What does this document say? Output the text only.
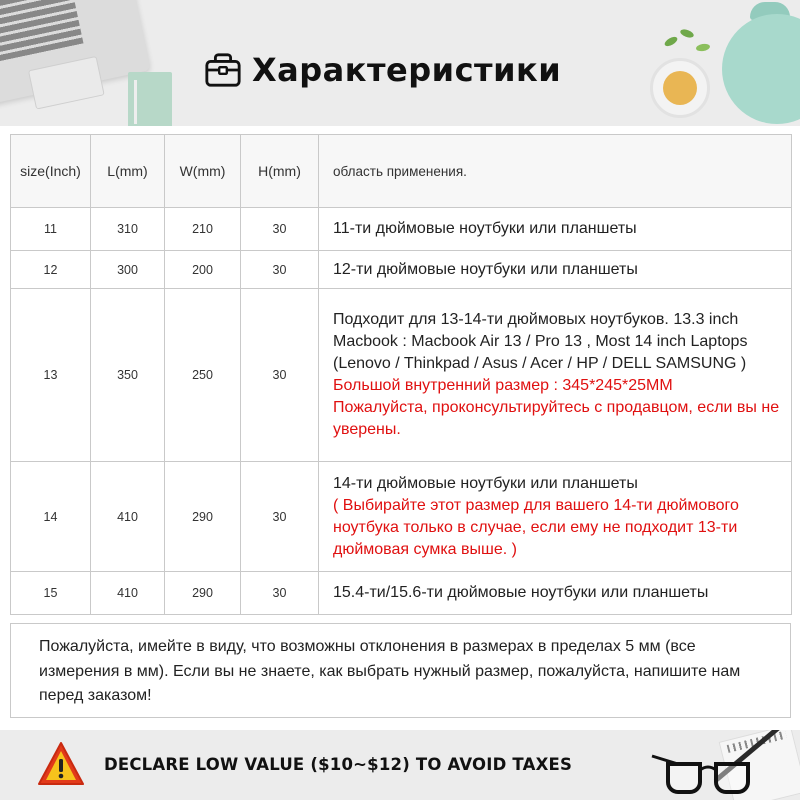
Характеристики
size(Inch)	L(mm)	W(mm)	H(mm)	область применения.
11	310	210	30	11-ти дюймовые ноутбуки или планшеты
12	300	200	30	12-ти дюймовые ноутбуки или планшеты
13	350	250	30	Подходит для 13-14-ти дюймовых ноутбуков. 13.3 inch Macbook : Macbook Air 13 / Pro 13 , Most 14 inch Laptops (Lenovo / Thinkpad / Asus / Acer / HP / DELL SAMSUNG )
Большой внутренний размер : 345*245*25MM
Пожалуйста, проконсультируйтесь с продавцом, если вы не уверены.

14	410	290	30	14-ти дюймовые ноутбуки или планшеты
( Выбирайте этот размер для вашего 14-ти дюймового ноутбука только в случае, если ему не подходит 13-ти дюймовая сумка выше. )

15	410	290	30	15.4-ти/15.6-ти дюймовые ноутбуки или планшеты

Пожалуйста, имейте в виду, что возможны отклонения в размерах в пределах 5 мм (все измерения в мм). Если вы не знаете, как выбрать нужный размер, пожалуйста, напишите нам перед заказом!

DECLARE LOW VALUE ($10~$12) TO AVOID TAXES
